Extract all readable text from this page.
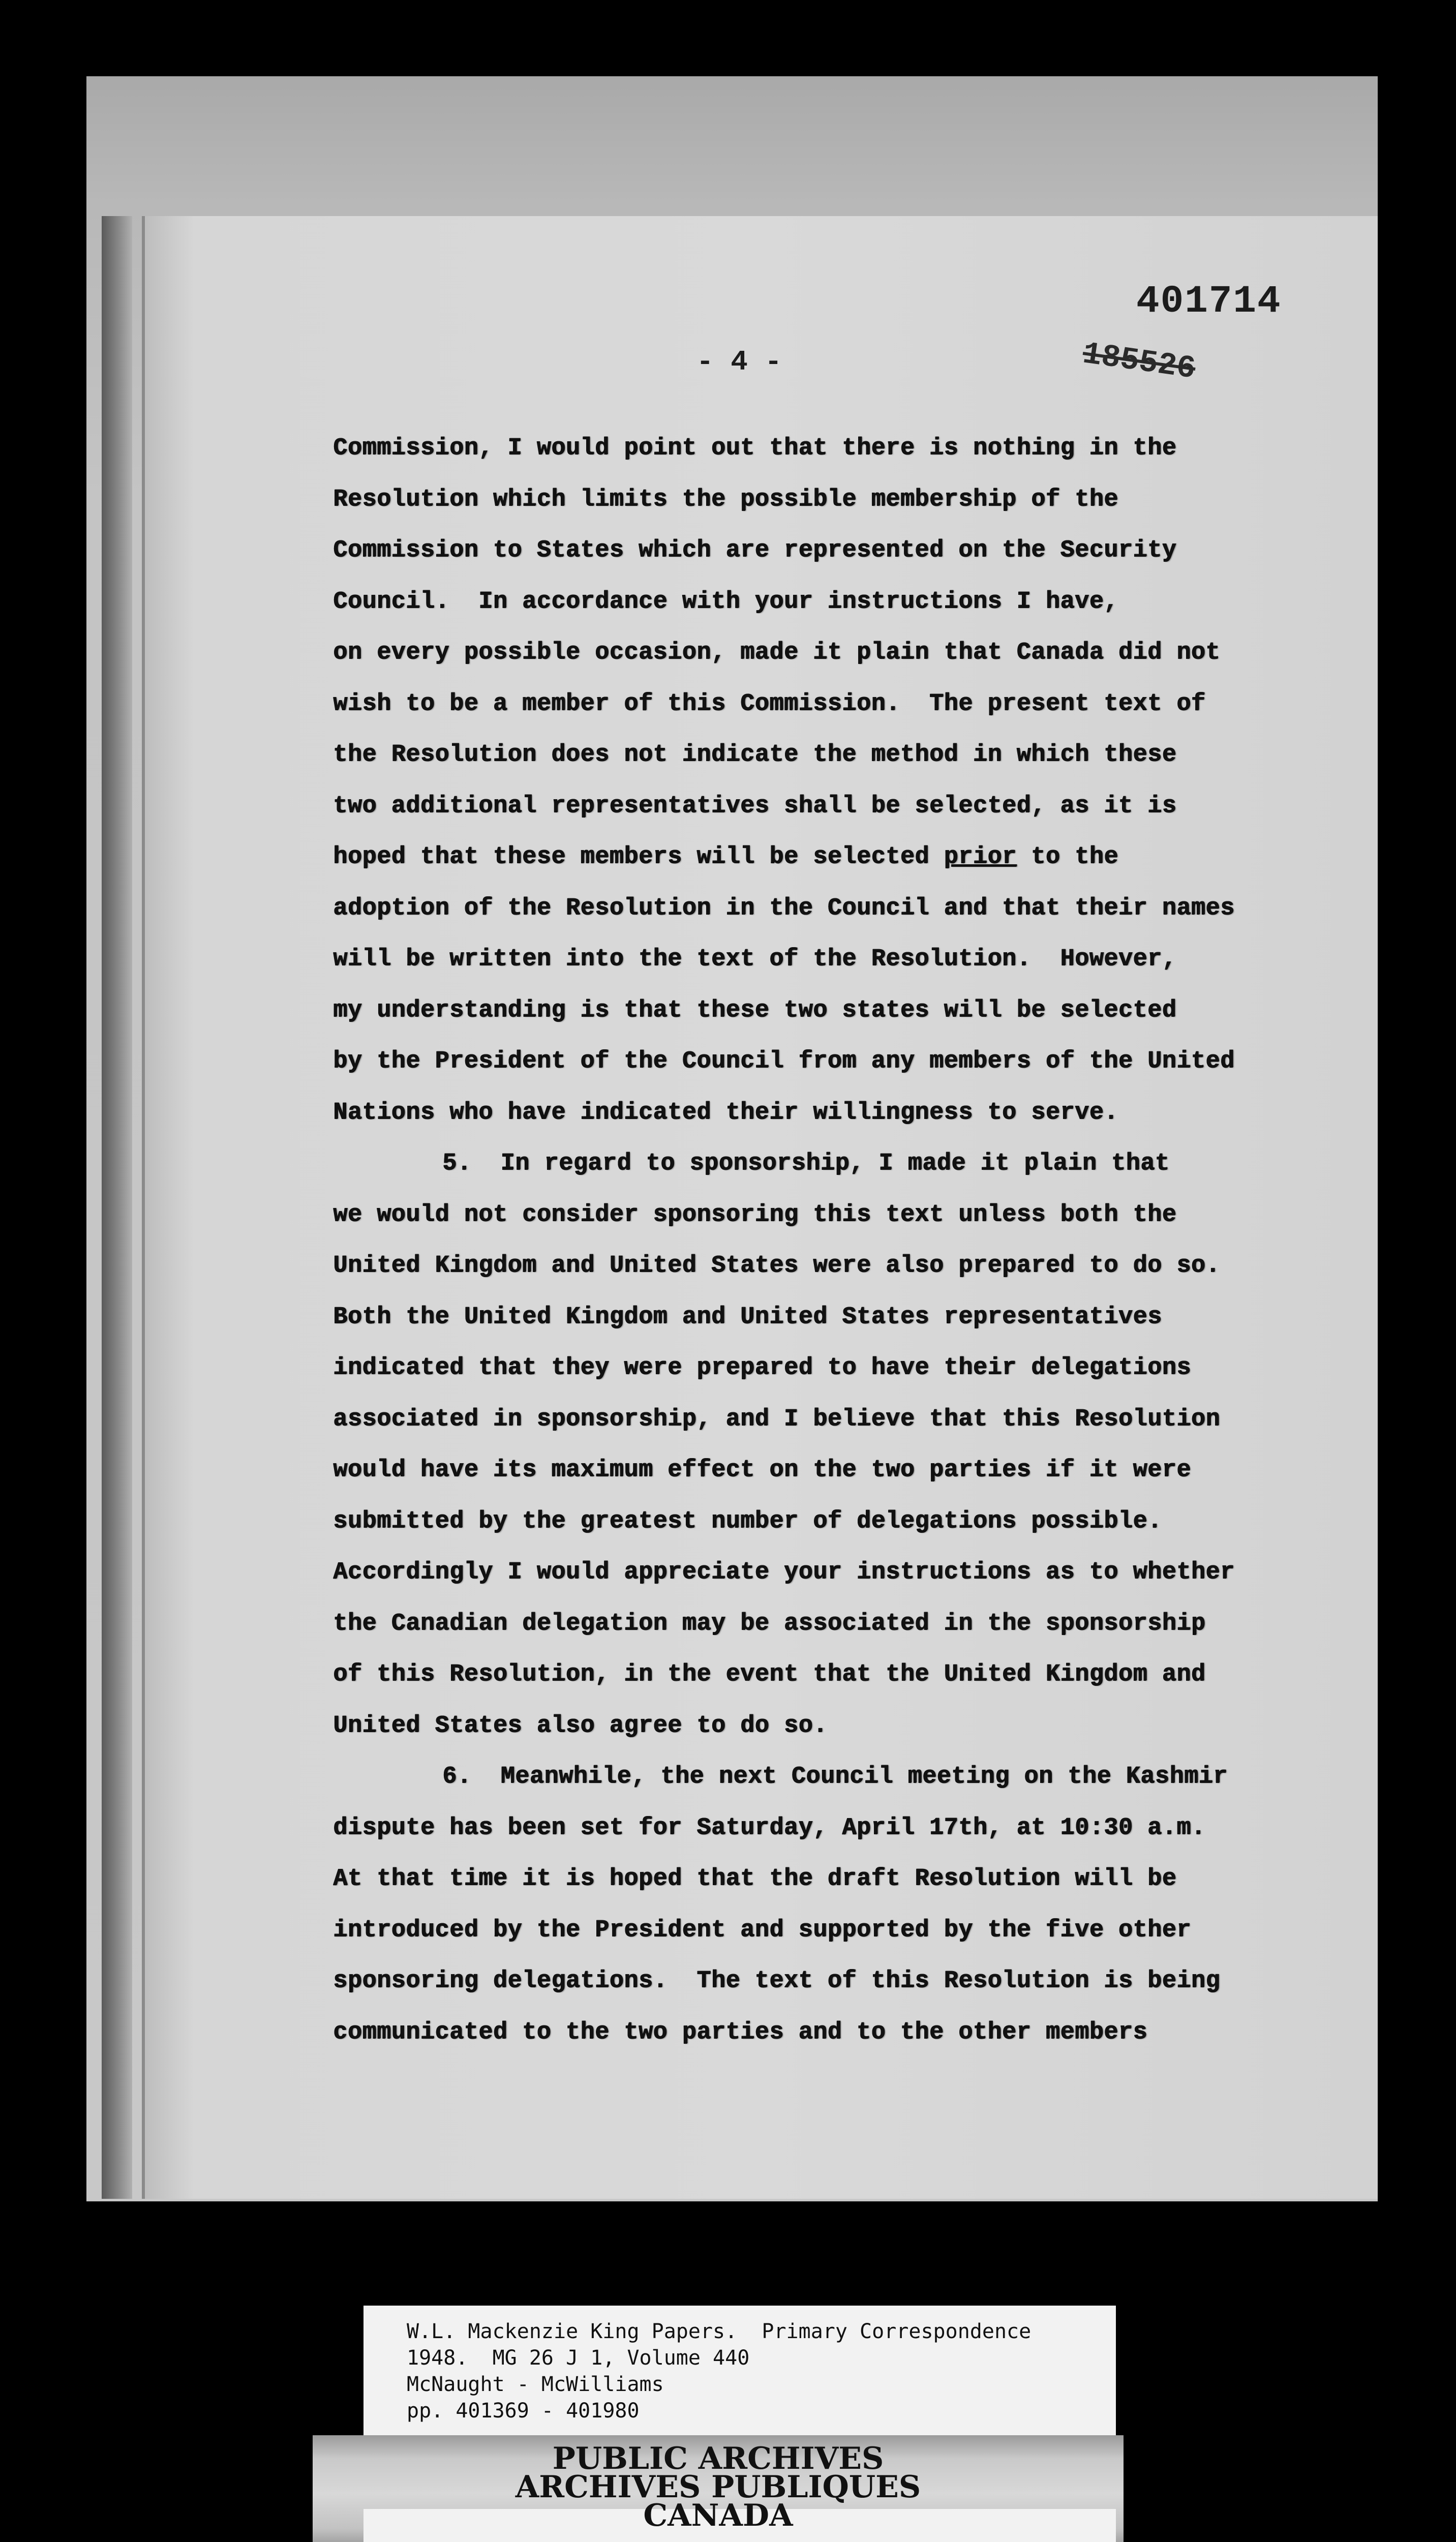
401714
185526
- 4 -
Commission, I would point out that there is nothing in the
Resolution which limits the possible membership of the
Commission to States which are represented on the Security
Council.  In accordance with your instructions I have,
on every possible occasion, made it plain that Canada did not
wish to be a member of this Commission.  The present text of
the Resolution does not indicate the method in which these
two additional representatives shall be selected, as it is
hoped that these members will be selected prior to the
adoption of the Resolution in the Council and that their names
will be written into the text of the Resolution.  However,
my understanding is that these two states will be selected
by the President of the Council from any members of the United
Nations who have indicated their willingness to serve.
5.  In regard to sponsorship, I made it plain that
we would not consider sponsoring this text unless both the
United Kingdom and United States were also prepared to do so.
Both the United Kingdom and United States representatives
indicated that they were prepared to have their delegations
associated in sponsorship, and I believe that this Resolution
would have its maximum effect on the two parties if it were
submitted by the greatest number of delegations possible.
Accordingly I would appreciate your instructions as to whether
the Canadian delegation may be associated in the sponsorship
of this Resolution, in the event that the United Kingdom and
United States also agree to do so.
6.  Meanwhile, the next Council meeting on the Kashmir
dispute has been set for Saturday, April 17th, at 10:30 a.m.
At that time it is hoped that the draft Resolution will be
introduced by the President and supported by the five other
sponsoring delegations.  The text of this Resolution is being
communicated to the two parties and to the other members
W.L. Mackenzie King Papers.  Primary Correspondence
1948.  MG 26 J 1, Volume 440
McNaught - McWilliams
pp. 401369 - 401980
PUBLIC ARCHIVES
ARCHIVES PUBLIQUES
CANADA
